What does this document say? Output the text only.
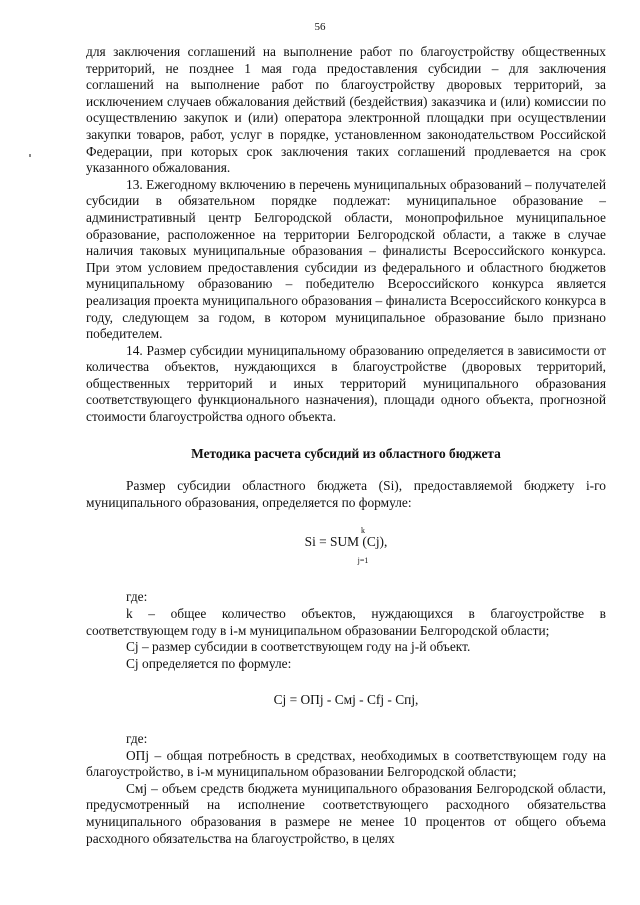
56

для заключения соглашений на выполнение работ по благоустройству общественных территорий, не позднее 1 мая года предоставления субсидии – для заключения соглашений на выполнение работ по благоустройству дворовых территорий, за исключением случаев обжалования действий (бездействия) заказчика и (или) комиссии по осуществлению закупок и (или) оператора электронной площадки при осуществлении закупки товаров, работ, услуг в порядке, установленном законодательством Российской Федерации, при которых срок заключения таких соглашений продлевается на срок указанного обжалования.

13. Ежегодному включению в перечень муниципальных образований – получателей субсидии в обязательном порядке подлежат: муниципальное образование – административный центр Белгородской области, монопрофильное муниципальное образование, расположенное на территории Белгородской области, а также в случае наличия таковых муниципальные образования – финалисты Всероссийского конкурса. При этом условием предоставления субсидии из федерального и областного бюджетов муниципальному образованию – победителю Всероссийского конкурса является реализация проекта муниципального образования – финалиста Всероссийского конкурса в году, следующем за годом, в котором муниципальное образование было признано победителем.

14. Размер субсидии муниципальному образованию определяется в зависимости от количества объектов, нуждающихся в благоустройстве (дворовых территорий, общественных территорий и иных территорий муниципального образования соответствующего функционального назначения), площади одного объекта, прогнозной стоимости благоустройства одного объекта.

Методика расчета субсидий из областного бюджета

Размер субсидии областного бюджета (Si), предоставляемой бюджету i-го муниципального образования, определяется по формуле:

k
Si = SUM (Cj),
j=1

где:

k – общее количество объектов, нуждающихся в благоустройстве в соответствующем году в i-м муниципальном образовании Белгородской области;

Cj – размер субсидии в соответствующем году на j-й объект.

Cj определяется по формуле:

Cj = ОПj - Cмj - Cfj - Cпj,

где:

ОПj – общая потребность в средствах, необходимых в соответствующем году на благоустройство, в i-м муниципальном образовании Белгородской области;

Cмj – объем средств бюджета муниципального образования Белгородской области, предусмотренный на исполнение соответствующего расходного обязательства муниципального образования в размере не менее 10 процентов от общего объема расходного обязательства на благоустройство, в целях
